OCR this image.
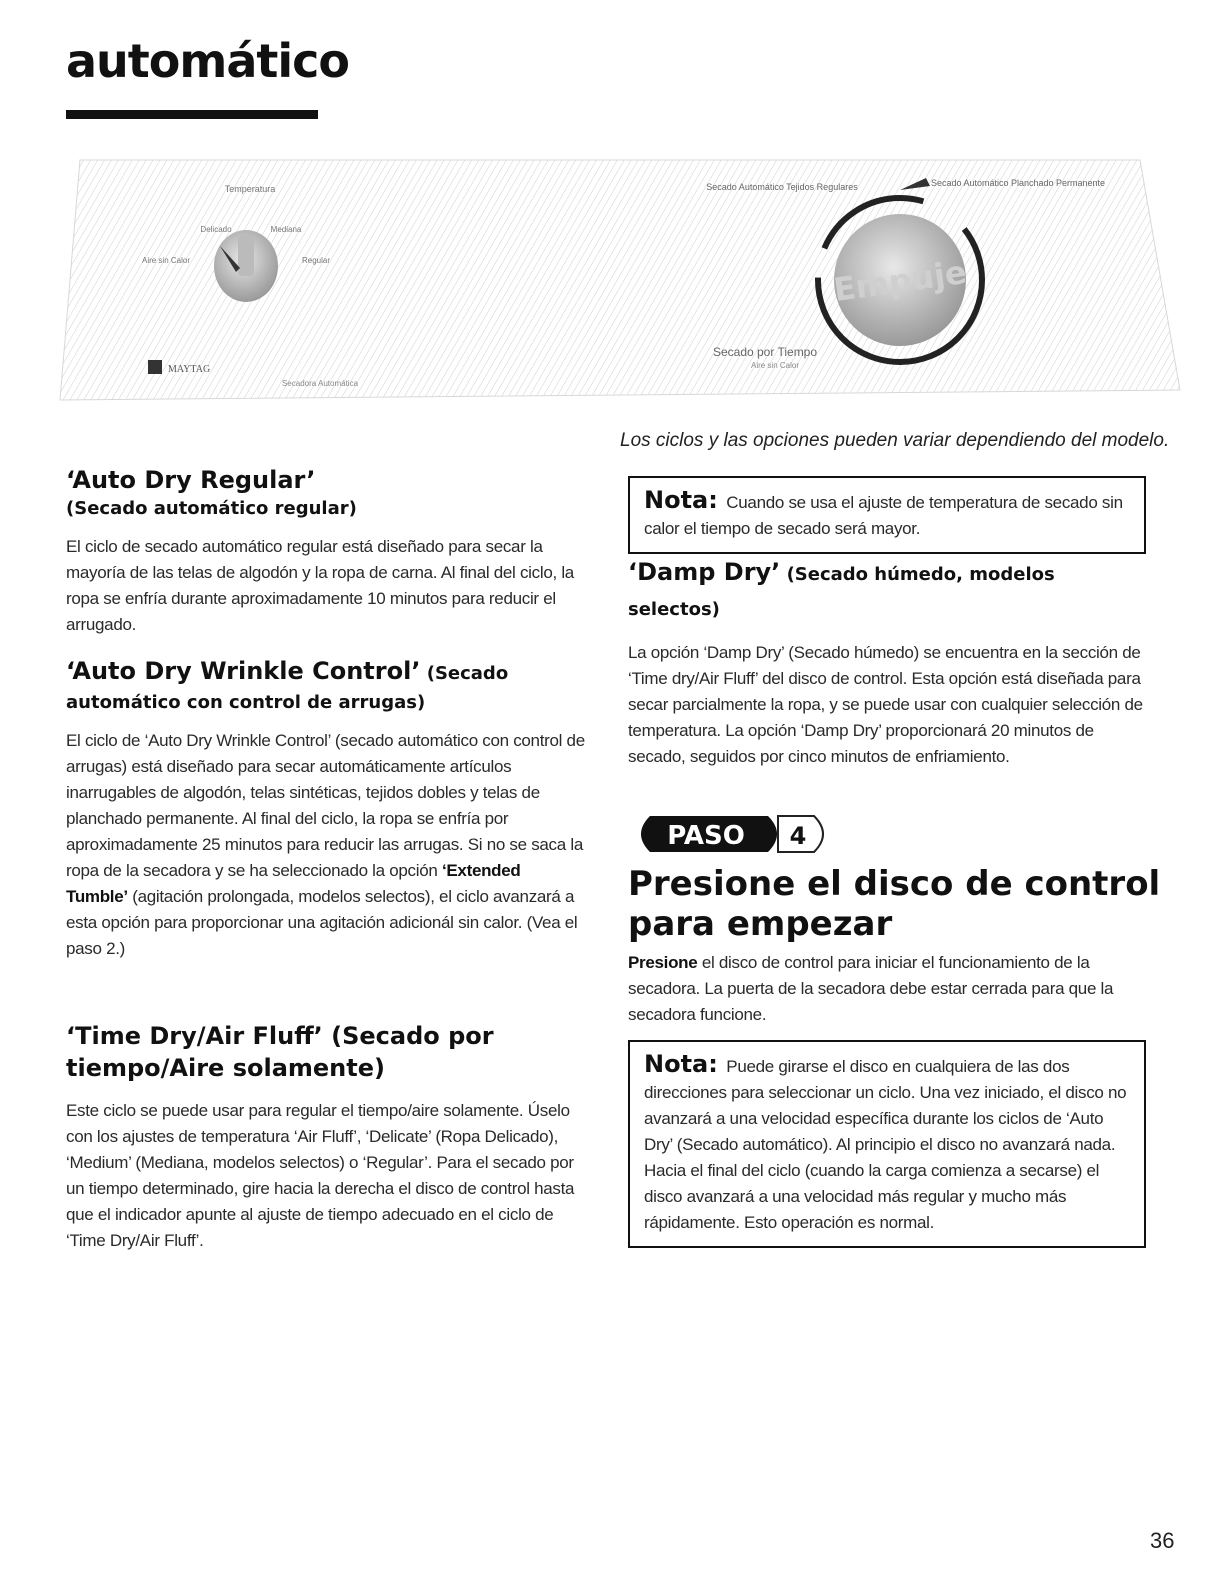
automático
Temperatura
Delicado	Mediana
Aire sin Calor	Regular
MAYTAG
Secadora Automática
Secado Automático Tejidos Regulares	Secado Automático Planchado Permanente
Secado por Tiempo
Aire sin Calor
Empuje

Los ciclos y las opciones pueden variar dependiendo del modelo.

‘Auto Dry Regular’
(Secado automático regular)

El ciclo de secado automático regular está diseñado para secar la mayoría de las telas de algodón y la ropa de carna. Al final del ciclo, la ropa se enfría durante aproximadamente 10 minutos para reducir el arrugado.

‘Auto Dry Wrinkle Control’ (Secado
automático con control de arrugas)

El ciclo de ‘Auto Dry Wrinkle Control’ (secado automático con control de arrugas) está diseñado para secar automáticamente artículos inarrugables de algodón, telas sintéticas, tejidos dobles y telas de planchado permanente. Al final del ciclo, la ropa se enfría por aproximadamente 25 minutos para reducir las arrugas. Si no se saca la ropa de la secadora y se ha seleccionado la opción ‘Extended Tumble’ (agitación prolongada, modelos selectos), el ciclo avanzará a esta opción para proporcionar una agitación adicionál sin calor. (Vea el paso 2.)

‘Time Dry/Air Fluff’ (Secado por tiempo/Aire solamente)

Este ciclo se puede usar para regular el tiempo/aire solamente. Úselo con los ajustes de temperatura ‘Air Fluff’, ‘Delicate’ (Ropa Delicado), ‘Medium’ (Mediana, modelos selectos) o ‘Regular’. Para el secado por un tiempo determinado, gire hacia la derecha el disco de control hasta que el indicador apunte al ajuste de tiempo adecuado en el ciclo de ‘Time Dry/Air Fluff’.

Nota: Cuando se usa el ajuste de temperatura de secado sin calor el tiempo de secado será mayor.
‘Damp Dry’ (Secado húmedo, modelos selectos)

La opción ‘Damp Dry’ (Secado húmedo) se encuentra en la sección de ‘Time dry/Air Fluff’ del disco de control. Esta opción está diseñada para secar parcialmente la ropa, y se puede usar con cualquier selección de temperatura. La opción ‘Damp Dry’ proporcionará 20 minutos de secado, seguidos por cinco minutos de enfriamiento.

PASO 4
Presione el disco de control para empezar

Presione el disco de control para iniciar el funcionamiento de la secadora. La puerta de la secadora debe estar cerrada para que la secadora funcione.

Nota: Puede girarse el disco en cualquiera de las dos direcciones para seleccionar un ciclo. Una vez iniciado, el disco no avanzará a una velocidad específica durante los ciclos de ‘Auto Dry’ (Secado automático). Al principio el disco no avanzará nada. Hacia el final del ciclo (cuando la carga comienza a secarse) el disco avanzará a una velocidad más regular y mucho más rápidamente. Esto operación es normal.
36
